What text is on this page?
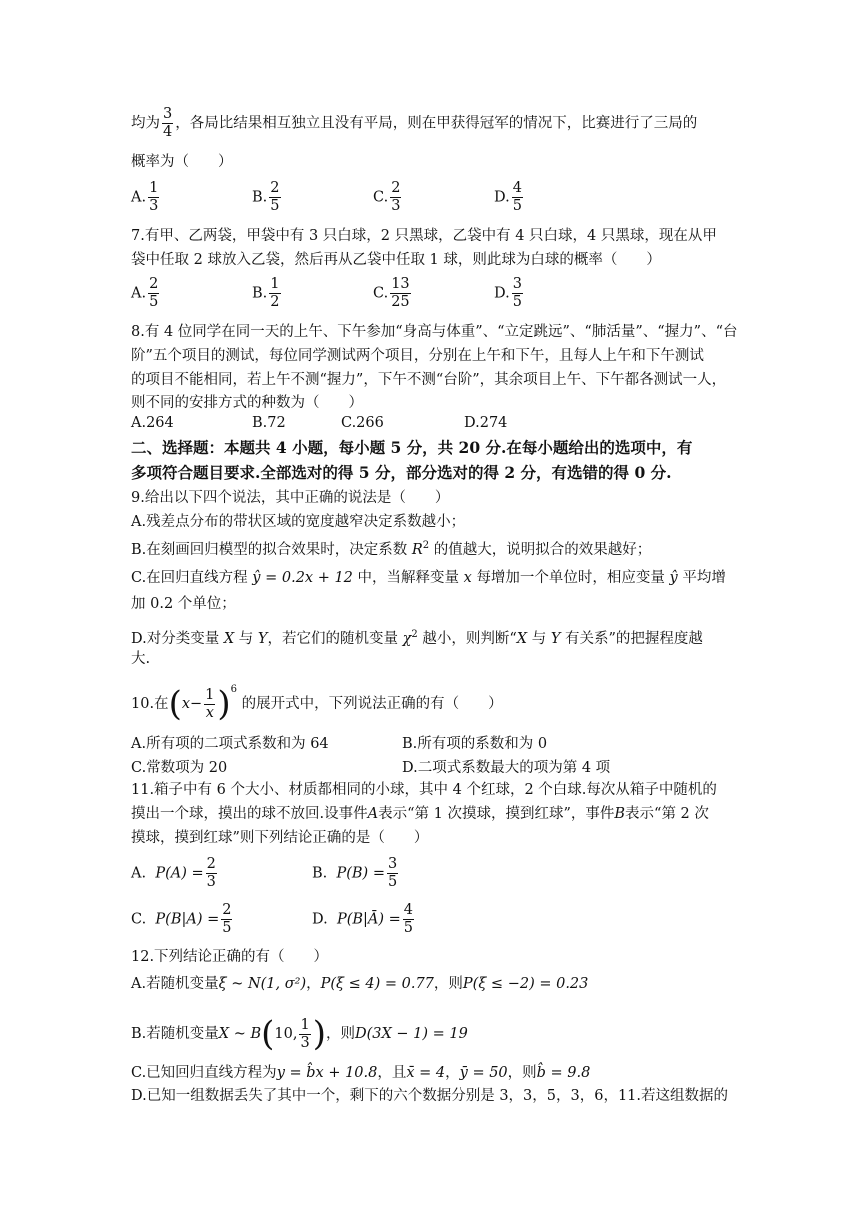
均为 $\frac{3}{4}$ ，各局比结果相互独立且没有平局，则在甲获得冠军的情况下，比赛进行了三局的
概率为（　　）
A. $\frac{1}{3}$	B. $\frac{2}{5}$	C. $\frac{2}{3}$	D. $\frac{4}{5}$
7.有甲、乙两袋，甲袋中有 3 只白球，2 只黑球，乙袋中有 4 只白球，4 只黑球，现在从甲
袋中任取 2 球放入乙袋，然后再从乙袋中任取 1 球，则此球为白球的概率（　　）
A. $\frac{2}{5}$	B. $\frac{1}{2}$	C. $\frac{13}{25}$	D. $\frac{3}{5}$
8.有 4 位同学在同一天的上午、下午参加“身高与体重”、“立定跳远”、“肺活量”、“握力”、“台
阶”五个项目的测试，每位同学测试两个项目，分别在上午和下午，且每人上午和下午测试
的项目不能相同，若上午不测“握力”，下午不测“台阶”，其余项目上午、下午都各测试一人，
则不同的安排方式的种数为（　　）
A.264	B.72	C.266	D.274
二、选择题：本题共 4 小题，每小题 5 分，共 20 分.在每小题给出的选项中，有
多项符合题目要求.全部选对的得 5 分，部分选对的得 2 分，有选错的得 0 分.
9.给出以下四个说法，其中正确的说法是（　　）
A.残差点分布的带状区域的宽度越窄决定系数越小；
B.在刻画回归模型的拟合效果时，决定系数 $R^2$ 的值越大，说明拟合的效果越好；
C.在回归直线方程 ŷ = 0.2x + 12 中，当解释变量 x 每增加一个单位时，相应变量 ŷ 平均增
加 0.2 个单位；
D.对分类变量 X 与 Y，若它们的随机变量 $\chi^2$ 越小，则判断“X 与 Y 有关系”的把握程度越
大.
10.在$(x- \frac{1}{x} )^6$ 的展开式中，下列说法正确的有（　　）
A.所有项的二项式系数和为 64	B.所有项的系数和为 0
C.常数项为 20	D.二项式系数最大的项为第 4 项
11.箱子中有 6 个大小、材质都相同的小球，其中 4 个红球，2 个白球.每次从箱子中随机的
摸出一个球，摸出的球不放回.设事件A表示“第 1 次摸球，摸到红球”，事件B表示“第 2 次
摸球，摸到红球”则下列结论正确的是（　　）
A. $P(A) = \frac{2}{3}$	B. $P(B) = \frac{3}{5}$
C. $P(B|A) = \frac{2}{5}$	D. P(B|Ā) = $\frac{4}{5}$
12.下列结论正确的有（　　）
A.若随机变量ξ ~ N(1, σ²)，P(ξ ≤ 4) = 0.77，则P(ξ ≤ −2) = 0.23
B.若随机变量X ~ B(10, $\frac{1}{3}$ )，则D(3X − 1) = 19
C.已知回归直线方程为y = b̂x + 10.8，且x̄ = 4，ȳ = 50，则b̂ = 9.8
D.已知一组数据丢失了其中一个，剩下的六个数据分别是 3，3，5，3，6，11.若这组数据的
